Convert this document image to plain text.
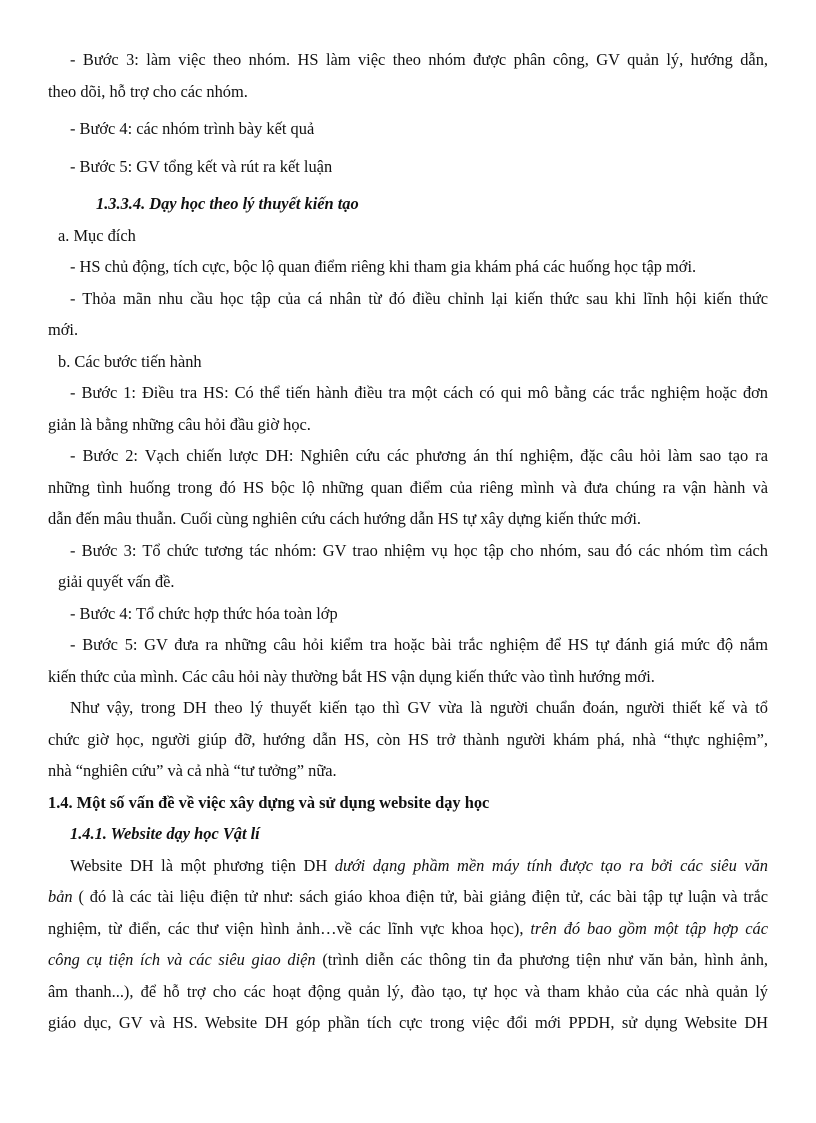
- Bước 3: làm việc theo nhóm. HS làm việc theo nhóm được phân công, GV quản lý, hướng dẫn,
theo dõi, hỗ trợ cho các nhóm.
- Bước 4: các nhóm trình bày kết quả
- Bước 5: GV tổng kết và rút ra kết luận
1.3.3.4. Dạy học theo lý thuyết kiến tạo
a. Mục đích
- HS chủ động, tích cực, bộc lộ quan điểm riêng khi tham gia khám phá các huống học tập mới.
- Thỏa mãn nhu cầu học tập của cá nhân từ đó điều chỉnh lại kiến thức sau khi lĩnh hội kiến thức
mới.
b. Các bước tiến hành
- Bước 1: Điều tra HS: Có thể tiến hành điều tra một cách có qui mô bằng các trắc nghiệm hoặc đơn
giản là bằng những câu hỏi đầu giờ học.
- Bước 2: Vạch chiến lược DH: Nghiên cứu các phương án thí nghiệm, đặc câu hỏi làm sao tạo ra
những tình huống trong đó HS bộc lộ những quan điểm của riêng mình và đưa chúng ra vận hành và
dẫn đến mâu thuẫn. Cuối cùng nghiên cứu cách hướng dẫn HS tự xây dựng kiến thức mới.
- Bước 3: Tổ chức tương tác nhóm: GV trao nhiệm vụ học tập cho nhóm, sau đó các nhóm tìm cách
giải quyết vấn đề.
- Bước 4: Tổ chức hợp thức hóa toàn lớp
- Bước 5: GV đưa ra những câu hỏi kiểm tra hoặc bài trắc nghiệm để HS tự đánh giá mức độ nắm
kiến thức của mình. Các câu hỏi này thường bắt HS vận dụng kiến thức vào tình hướng mới.
Như vậy, trong DH theo lý thuyết kiến tạo thì GV vừa là người chuẩn đoán, người thiết kế và tổ
chức giờ học, người giúp đỡ, hướng dẫn HS, còn HS trở thành người khám phá, nhà “thực nghiệm”,
nhà “nghiên cứu” và cả nhà “tư tưởng” nữa.
1.4. Một số vấn đề về việc xây dựng và sử dụng website dạy học
1.4.1. Website dạy học Vật lí
Website DH là một phương tiện DH dưới dạng phầm mền máy tính được tạo ra bởi các siêu văn
bản ( đó là các tài liệu điện tử như: sách giáo khoa điện tử, bài giảng điện tử, các bài tập tự luận và trắc
nghiệm, từ điển, các thư viện hình ảnh…về các lĩnh vực khoa học), trên đó bao gồm một tập hợp các
công cụ tiện ích và các siêu giao diện (trình diễn các thông tin đa phương tiện như văn bản, hình ảnh,
âm thanh...), để hỗ trợ cho các hoạt động quản lý, đào tạo, tự học và tham khảo của các nhà quản lý
giáo dục, GV và HS. Website DH góp phần tích cực trong việc đổi mới PPDH, sử dụng Website DH
